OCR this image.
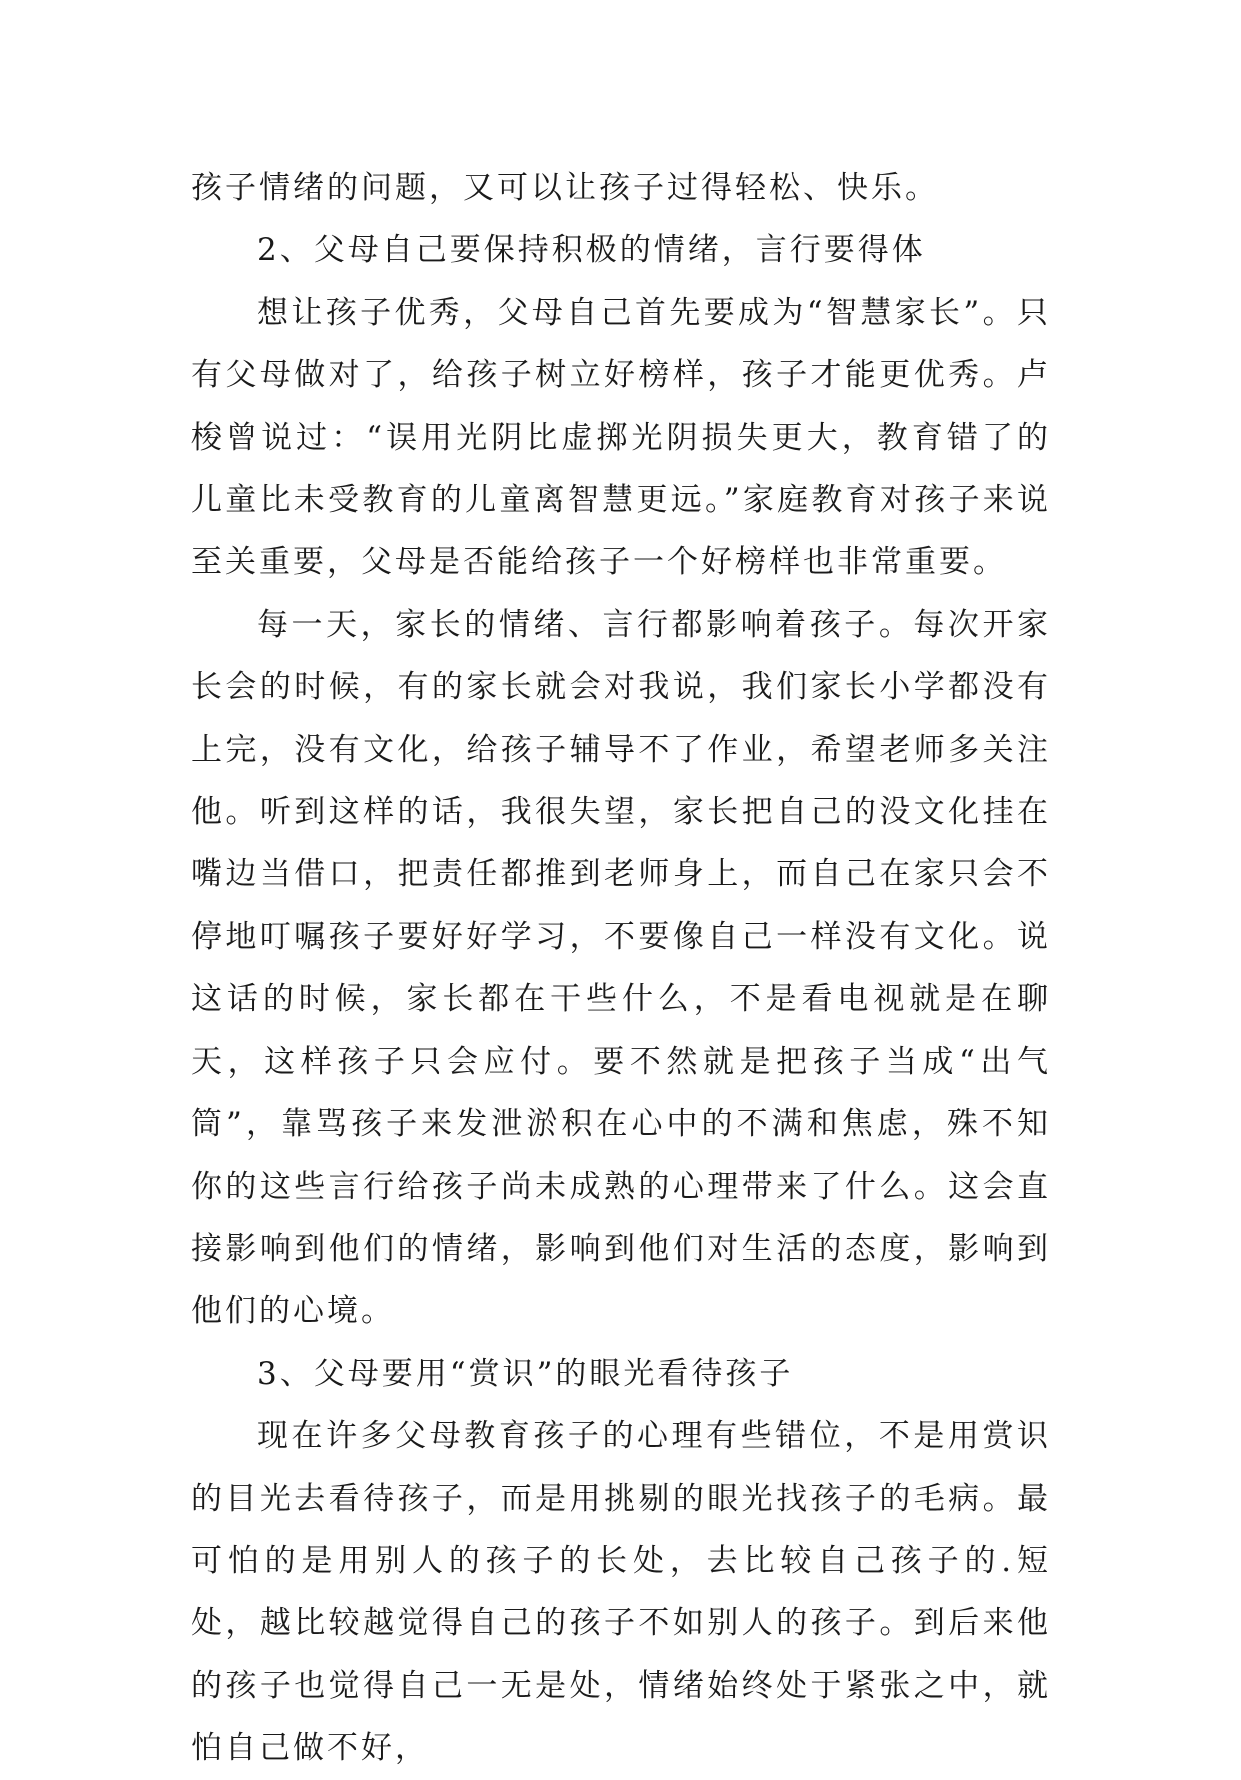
孩子情绪的问题，又可以让孩子过得轻松、快乐。

2、父母自己要保持积极的情绪，言行要得体

想让孩子优秀，父母自己首先要成为“智慧家长”。只有父母做对了，给孩子树立好榜样，孩子才能更优秀。卢梭曾说过：“误用光阴比虚掷光阴损失更大，教育错了的儿童比未受教育的儿童离智慧更远。”家庭教育对孩子来说至关重要，父母是否能给孩子一个好榜样也非常重要。

每一天，家长的情绪、言行都影响着孩子。每次开家长会的时候，有的家长就会对我说，我们家长小学都没有上完，没有文化，给孩子辅导不了作业，希望老师多关注他。听到这样的话，我很失望，家长把自己的没文化挂在嘴边当借口，把责任都推到老师身上，而自己在家只会不停地叮嘱孩子要好好学习，不要像自己一样没有文化。说这话的时候，家长都在干些什么，不是看电视就是在聊天，这样孩子只会应付。要不然就是把孩子当成“出气筒”，靠骂孩子来发泄淤积在心中的不满和焦虑，殊不知你的这些言行给孩子尚未成熟的心理带来了什么。这会直接影响到他们的情绪，影响到他们对生活的态度，影响到他们的心境。

3、父母要用“赏识”的眼光看待孩子

现在许多父母教育孩子的心理有些错位，不是用赏识的目光去看待孩子，而是用挑剔的眼光找孩子的毛病。最可怕的是用别人的孩子的长处，去比较自己孩子的.短处，越比较越觉得自己的孩子不如别人的孩子。到后来他的孩子也觉得自己一无是处，情绪始终处于紧张之中，就怕自己做不好，
